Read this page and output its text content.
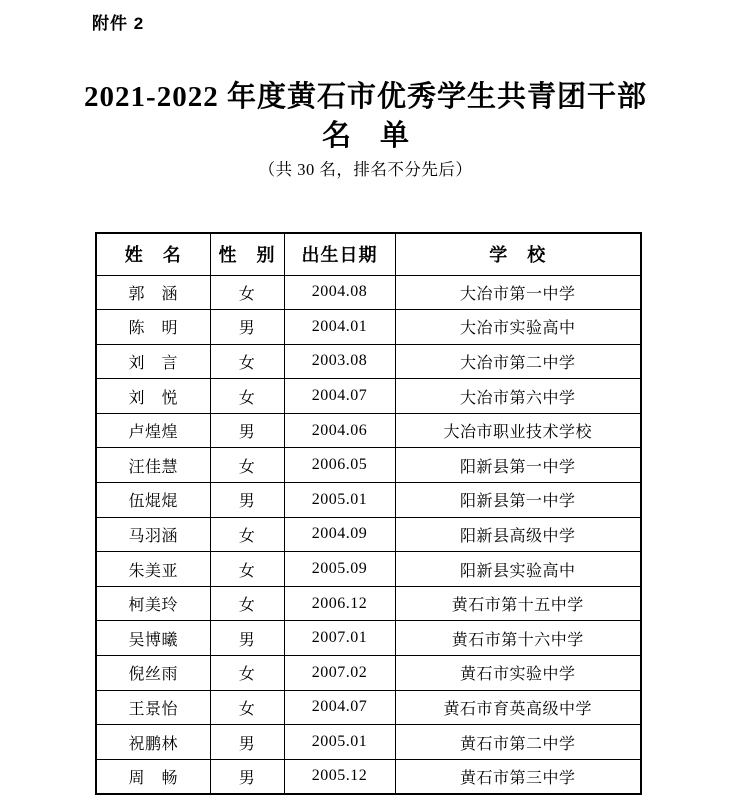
附件 2
2021-2022 年度黄石市优秀学生共青团干部
名　单
（共 30 名，排名不分先后）
姓　名	性　别	出生日期	学　校
郭　涵	女	2004.08	大冶市第一中学
陈　明	男	2004.01	大冶市实验高中
刘　言	女	2003.08	大冶市第二中学
刘　悦	女	2004.07	大冶市第六中学
卢煌煌	男	2004.06	大冶市职业技术学校
汪佳慧	女	2006.05	阳新县第一中学
伍焜焜	男	2005.01	阳新县第一中学
马羽涵	女	2004.09	阳新县高级中学
朱美亚	女	2005.09	阳新县实验高中
柯美玲	女	2006.12	黄石市第十五中学
吴博曦	男	2007.01	黄石市第十六中学
倪丝雨	女	2007.02	黄石市实验中学
王景怡	女	2004.07	黄石市育英高级中学
祝鹏林	男	2005.01	黄石市第二中学
周　畅	男	2005.12	黄石市第三中学
